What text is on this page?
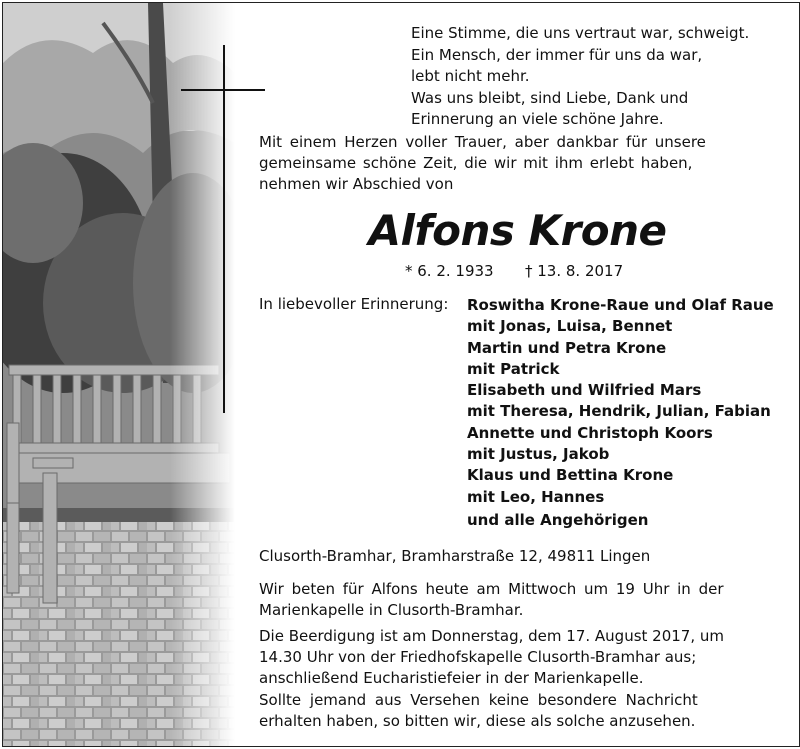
Eine Stimme, die uns vertraut war, schweigt.
Ein Mensch, der immer für uns da war,
lebt nicht mehr.
Was uns bleibt, sind Liebe, Dank und
Erinnerung an viele schöne Jahre.
Mit einem Herzen voller Trauer, aber dankbar für unsere
gemeinsame schöne Zeit, die wir mit ihm erlebt haben,
nehmen wir Abschied von
Alfons Krone
* 6. 2. 1933 † 13. 8. 2017
In liebevoller Erinnerung: Roswitha Krone-Raue und Olaf Raue
mit Jonas, Luisa, Bennet
Martin und Petra Krone
mit Patrick
Elisabeth und Wilfried Mars
mit Theresa, Hendrik, Julian, Fabian
Annette und Christoph Koors
mit Justus, Jakob
Klaus und Bettina Krone
mit Leo, Hannes
und alle Angehörigen
Clusorth-Bramhar, Bramharstraße 12, 49811 Lingen
Wir beten für Alfons heute am Mittwoch um 19 Uhr in der
Marienkapelle in Clusorth-Bramhar.
Die Beerdigung ist am Donnerstag, dem 17. August 2017, um
14.30 Uhr von der Friedhofskapelle Clusorth-Bramhar aus;
anschließend Eucharistiefeier in der Marienkapelle.
Sollte jemand aus Versehen keine besondere Nachricht
erhalten haben, so bitten wir, diese als solche anzusehen.
